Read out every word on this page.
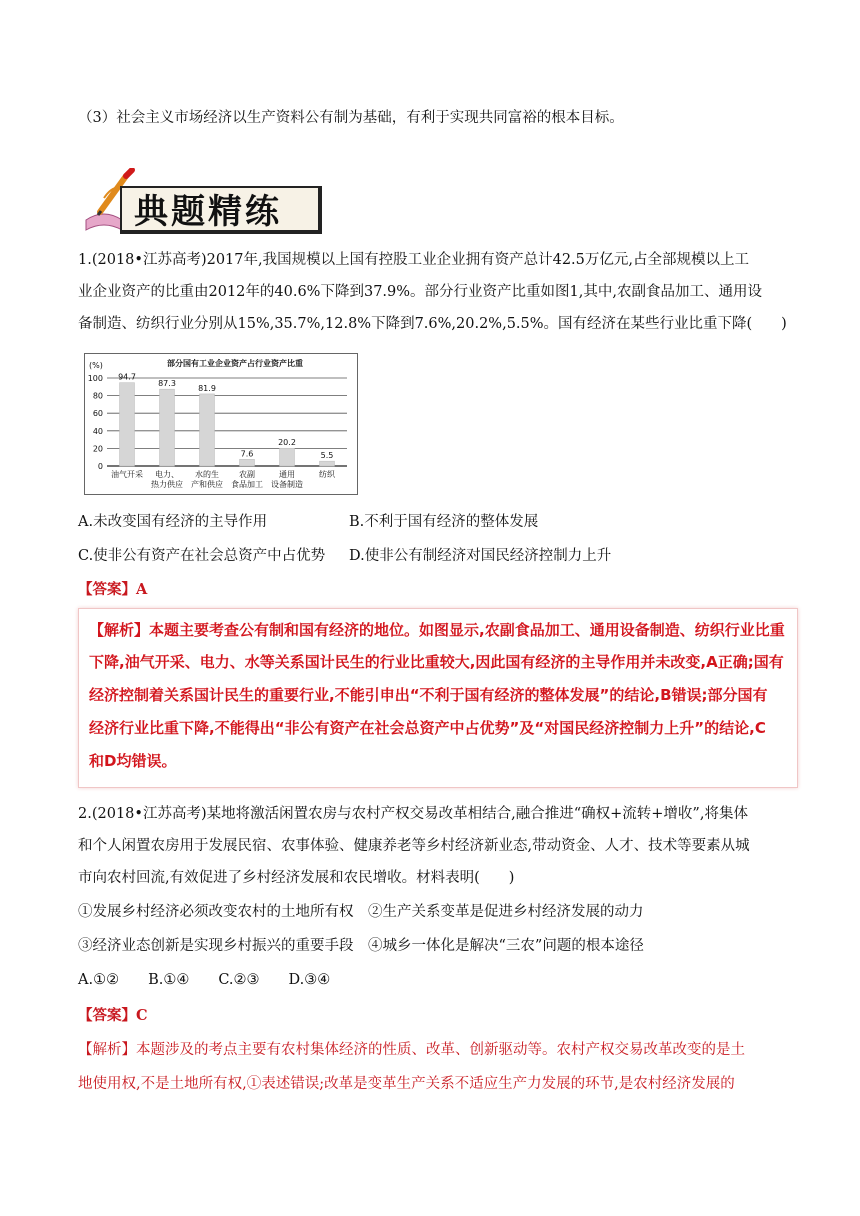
（3）社会主义市场经济以生产资料公有制为基础，有利于实现共同富裕的根本目标。
典题精练
1.(2018•江苏高考)2017年,我国规模以上国有控股工业企业拥有资产总计42.5万亿元,占全部规模以上工
业企业资产的比重由2012年的40.6%下降到37.9%。部分行业资产比重如图1,其中,农副食品加工、通用设
备制造、纺织行业分别从15%,35.7%,12.8%下降到7.6%,20.2%,5.5%。国有经济在某些行业比重下降(　　)
部分国有工业企业资产占行业资产比重
(%)
0
20
40
60
80
100 94.7
87.3
81.9
7.6
20.2
5.5
油气开采 电力、
热力供应
水的生
产和供应
农副
食品加工
通用
设备制造
纺织
A.未改变国有经济的主导作用	B.不利于国有经济的整体发展
C.使非公有资产在社会总资产中占优势 D.使非公有制经济对国民经济控制力上升
【答案】A
【解析】本题主要考查公有制和国有经济的地位。如图显示,农副食品加工、通用设备制造、纺织行业比重
下降,油气开采、电力、水等关系国计民生的行业比重较大,因此国有经济的主导作用并未改变,A正确;国有
经济控制着关系国计民生的重要行业,不能引申出“不利于国有经济的整体发展”的结论,B错误;部分国有
经济行业比重下降,不能得出“非公有资产在社会总资产中占优势”及“对国民经济控制力上升”的结论,C
和D均错误。
2.(2018•江苏高考)某地将激活闲置农房与农村产权交易改革相结合,融合推进“确权+流转+增收”,将集体
和个人闲置农房用于发展民宿、农事体验、健康养老等乡村经济新业态,带动资金、人才、技术等要素从城
市向农村回流,有效促进了乡村经济发展和农民增收。材料表明(　　)
①发展乡村经济必须改变农村的土地所有权　②生产关系变革是促进乡村经济发展的动力
③经济业态创新是实现乡村振兴的重要手段　④城乡一体化是解决“三农”问题的根本途径
A.①②　　B.①④　　C.②③　　D.③④
【答案】C
【解析】本题涉及的考点主要有农村集体经济的性质、改革、创新驱动等。农村产权交易改革改变的是土
地使用权,不是土地所有权,①表述错误;改革是变革生产关系不适应生产力发展的环节,是农村经济发展的
